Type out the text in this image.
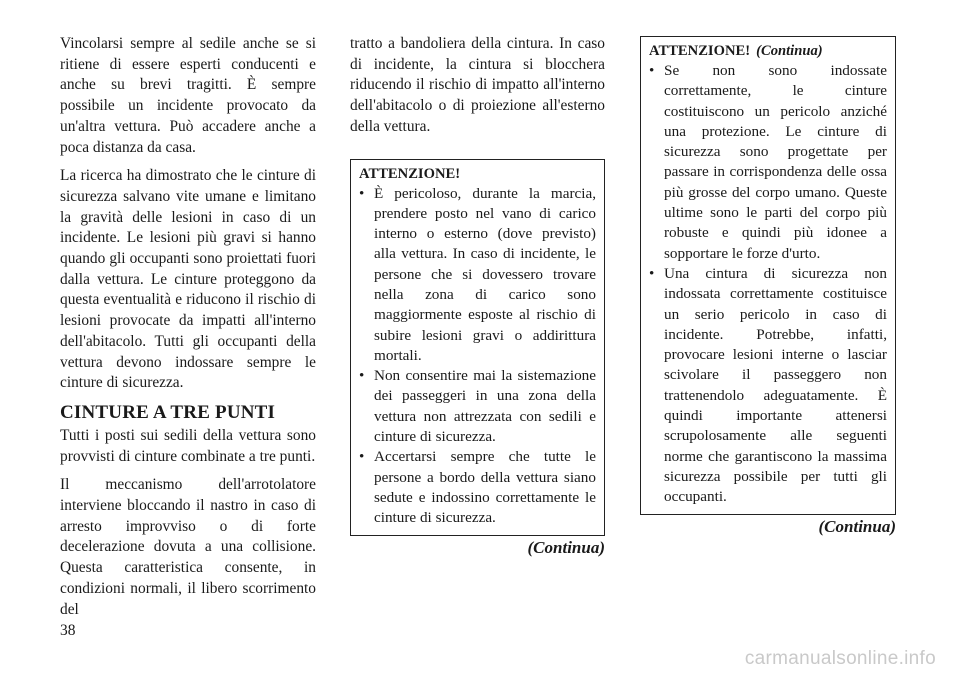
Vincolarsi sempre al sedile anche se si ritiene di essere esperti conducenti e anche su brevi tragitti. È sempre possibile un incidente provocato da un'altra vettura. Può accadere anche a poca distanza da casa.

La ricerca ha dimostrato che le cinture di sicurezza salvano vite umane e limitano la gravità delle lesioni in caso di un incidente. Le lesioni più gravi si hanno quando gli occupanti sono proiettati fuori dalla vettura. Le cinture proteggono da questa eventualità e riducono il rischio di lesioni provocate da impatti all'interno dell'abitacolo. Tutti gli occupanti della vettura devono indossare sempre le cinture di sicurezza.

CINTURE A TRE PUNTI

Tutti i posti sui sedili della vettura sono provvisti di cinture combinate a tre punti.

Il meccanismo dell'arrotolatore interviene bloccando il nastro in caso di arresto improvviso o di forte decelerazione dovuta a una collisione. Questa caratteristica consente, in condizioni normali, il libero scorrimento del

tratto a bandoliera della cintura. In caso di incidente, la cintura si blocchera riducendo il rischio di impatto all'interno dell'abitacolo o di proiezione all'esterno della vettura.

ATTENZIONE!
• È pericoloso, durante la marcia, prendere posto nel vano di carico interno o esterno (dove previsto) alla vettura. In caso di incidente, le persone che si dovessero trovare nella zona di carico sono maggiormente esposte al rischio di subire lesioni gravi o addirittura mortali.
• Non consentire mai la sistemazione dei passeggeri in una zona della vettura non attrezzata con sedili e cinture di sicurezza.
• Accertarsi sempre che tutte le persone a bordo della vettura siano sedute e indossino correttamente le cinture di sicurezza.
(Continua)
ATTENZIONE! (Continua)
• Se non sono indossate correttamente, le cinture costituiscono un pericolo anziché una protezione. Le cinture di sicurezza sono progettate per passare in corrispondenza delle ossa più grosse del corpo umano. Queste ultime sono le parti del corpo più robuste e quindi più idonee a sopportare le forze d'urto.
• Una cintura di sicurezza non indossata correttamente costituisce un serio pericolo in caso di incidente. Potrebbe, infatti, provocare lesioni interne o lasciar scivolare il passeggero non trattenendolo adeguatamente. È quindi importante attenersi scrupolosamente alle seguenti norme che garantiscono la massima sicurezza possibile per tutti gli occupanti.
(Continua)
38
carmanualsonline.info
